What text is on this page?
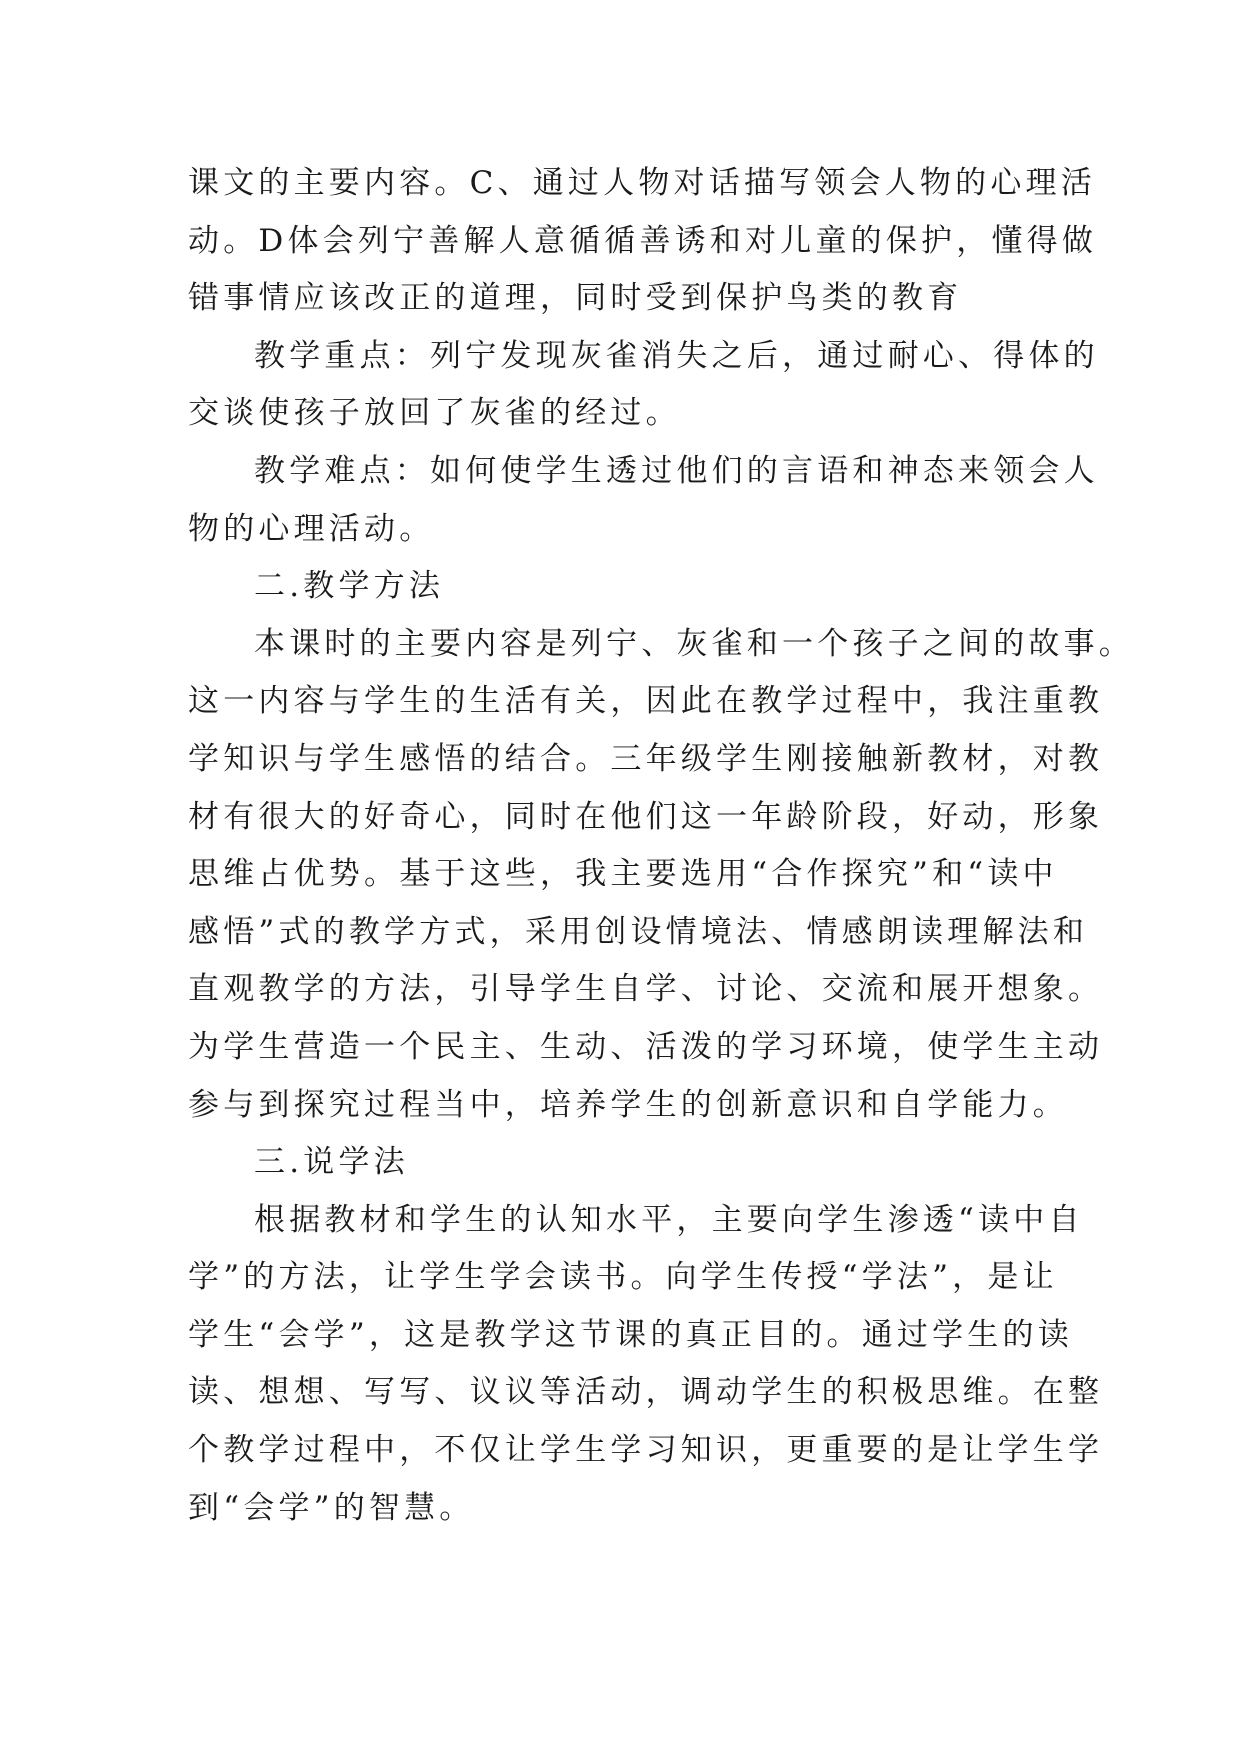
课文的主要内容。C、通过人物对话描写领会人物的心理活
动。D体会列宁善解人意循循善诱和对儿童的保护，懂得做
错事情应该改正的道理，同时受到保护鸟类的教育
教学重点：列宁发现灰雀消失之后，通过耐心、得体的
交谈使孩子放回了灰雀的经过。
教学难点：如何使学生透过他们的言语和神态来领会人
物的心理活动。
二.教学方法
本课时的主要内容是列宁、灰雀和一个孩子之间的故事。
这一内容与学生的生活有关，因此在教学过程中，我注重教
学知识与学生感悟的结合。三年级学生刚接触新教材，对教
材有很大的好奇心，同时在他们这一年龄阶段，好动，形象
思维占优势。基于这些，我主要选用“合作探究”和“读中
感悟”式的教学方式，采用创设情境法、情感朗读理解法和
直观教学的方法，引导学生自学、讨论、交流和展开想象。
为学生营造一个民主、生动、活泼的学习环境，使学生主动
参与到探究过程当中，培养学生的创新意识和自学能力。
三.说学法
根据教材和学生的认知水平，主要向学生渗透“读中自
学”的方法，让学生学会读书。向学生传授“学法”，是让
学生“会学”，这是教学这节课的真正目的。通过学生的读
读、想想、写写、议议等活动，调动学生的积极思维。在整
个教学过程中，不仅让学生学习知识，更重要的是让学生学
到“会学”的智慧。
